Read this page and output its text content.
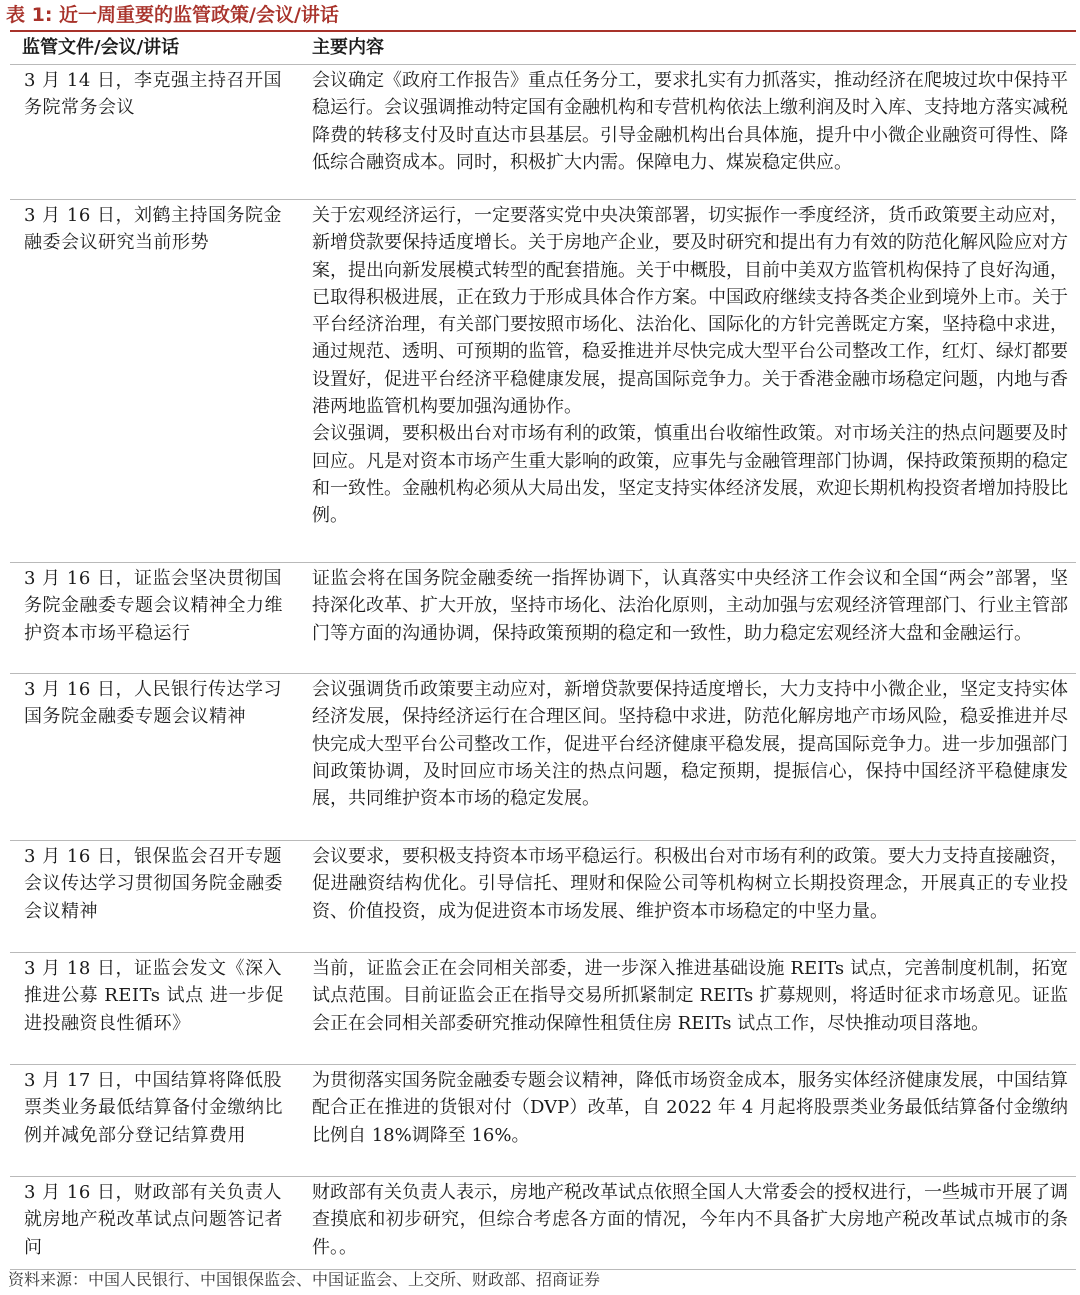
表 1: 近一周重要的监管政策/会议/讲话
监管文件/会议/讲话	主要内容
3 月 14 日，李克强主持召开国务院常务会议
会议确定《政府工作报告》重点任务分工，要求扎实有力抓落实，推动经济在爬坡过坎中保持平稳运行。会议强调推动特定国有金融机构和专营机构依法上缴利润及时入库、支持地方落实减税降费的转移支付及时直达市县基层。引导金融机构出台具体施，提升中小微企业融资可得性、降低综合融资成本。同时，积极扩大内需。保障电力、煤炭稳定供应。
3 月 16 日，刘鹤主持国务院金融委会议研究当前形势
关于宏观经济运行，一定要落实党中央决策部署，切实振作一季度经济，货币政策要主动应对，新增贷款要保持适度增长。关于房地产企业，要及时研究和提出有力有效的防范化解风险应对方案，提出向新发展模式转型的配套措施。关于中概股，目前中美双方监管机构保持了良好沟通，已取得积极进展，正在致力于形成具体合作方案。中国政府继续支持各类企业到境外上市。关于平台经济治理，有关部门要按照市场化、法治化、国际化的方针完善既定方案，坚持稳中求进，通过规范、透明、可预期的监管，稳妥推进并尽快完成大型平台公司整改工作，红灯、绿灯都要设置好，促进平台经济平稳健康发展，提高国际竞争力。关于香港金融市场稳定问题，内地与香港两地监管机构要加强沟通协作。
会议强调，要积极出台对市场有利的政策，慎重出台收缩性政策。对市场关注的热点问题要及时回应。凡是对资本市场产生重大影响的政策，应事先与金融管理部门协调，保持政策预期的稳定和一致性。金融机构必须从大局出发，坚定支持实体经济发展，欢迎长期机构投资者增加持股比例。
3 月 16 日，证监会坚决贯彻国务院金融委专题会议精神全力维护资本市场平稳运行
证监会将在国务院金融委统一指挥协调下，认真落实中央经济工作会议和全国“两会”部署，坚持深化改革、扩大开放，坚持市场化、法治化原则，主动加强与宏观经济管理部门、行业主管部门等方面的沟通协调，保持政策预期的稳定和一致性，助力稳定宏观经济大盘和金融运行。
3 月 16 日，人民银行传达学习国务院金融委专题会议精神
会议强调货币政策要主动应对，新增贷款要保持适度增长，大力支持中小微企业，坚定支持实体经济发展，保持经济运行在合理区间。坚持稳中求进，防范化解房地产市场风险，稳妥推进并尽快完成大型平台公司整改工作，促进平台经济健康平稳发展，提高国际竞争力。进一步加强部门间政策协调，及时回应市场关注的热点问题，稳定预期，提振信心，保持中国经济平稳健康发展，共同维护资本市场的稳定发展。
3 月 16 日，银保监会召开专题会议传达学习贯彻国务院金融委会议精神
会议要求，要积极支持资本市场平稳运行。积极出台对市场有利的政策。要大力支持直接融资，促进融资结构优化。引导信托、理财和保险公司等机构树立长期投资理念，开展真正的专业投资、价值投资，成为促进资本市场发展、维护资本市场稳定的中坚力量。
3 月 18 日，证监会发文《深入推进公募 REITs 试点 进一步促进投融资良性循环》
当前，证监会正在会同相关部委，进一步深入推进基础设施 REITs 试点，完善制度机制，拓宽试点范围。目前证监会正在指导交易所抓紧制定 REITs 扩募规则，将适时征求市场意见。证监会正在会同相关部委研究推动保障性租赁住房 REITs 试点工作，尽快推动项目落地。
3 月 17 日，中国结算将降低股票类业务最低结算备付金缴纳比例并减免部分登记结算费用
为贯彻落实国务院金融委专题会议精神，降低市场资金成本，服务实体经济健康发展，中国结算配合正在推进的货银对付（DVP）改革，自 2022 年 4 月起将股票类业务最低结算备付金缴纳比例自 18%调降至 16%。
3 月 16 日，财政部有关负责人就房地产税改革试点问题答记者问
财政部有关负责人表示，房地产税改革试点依照全国人大常委会的授权进行，一些城市开展了调查摸底和初步研究，但综合考虑各方面的情况，今年内不具备扩大房地产税改革试点城市的条件。。
资料来源：中国人民银行、中国银保监会、中国证监会、上交所、财政部、招商证券
